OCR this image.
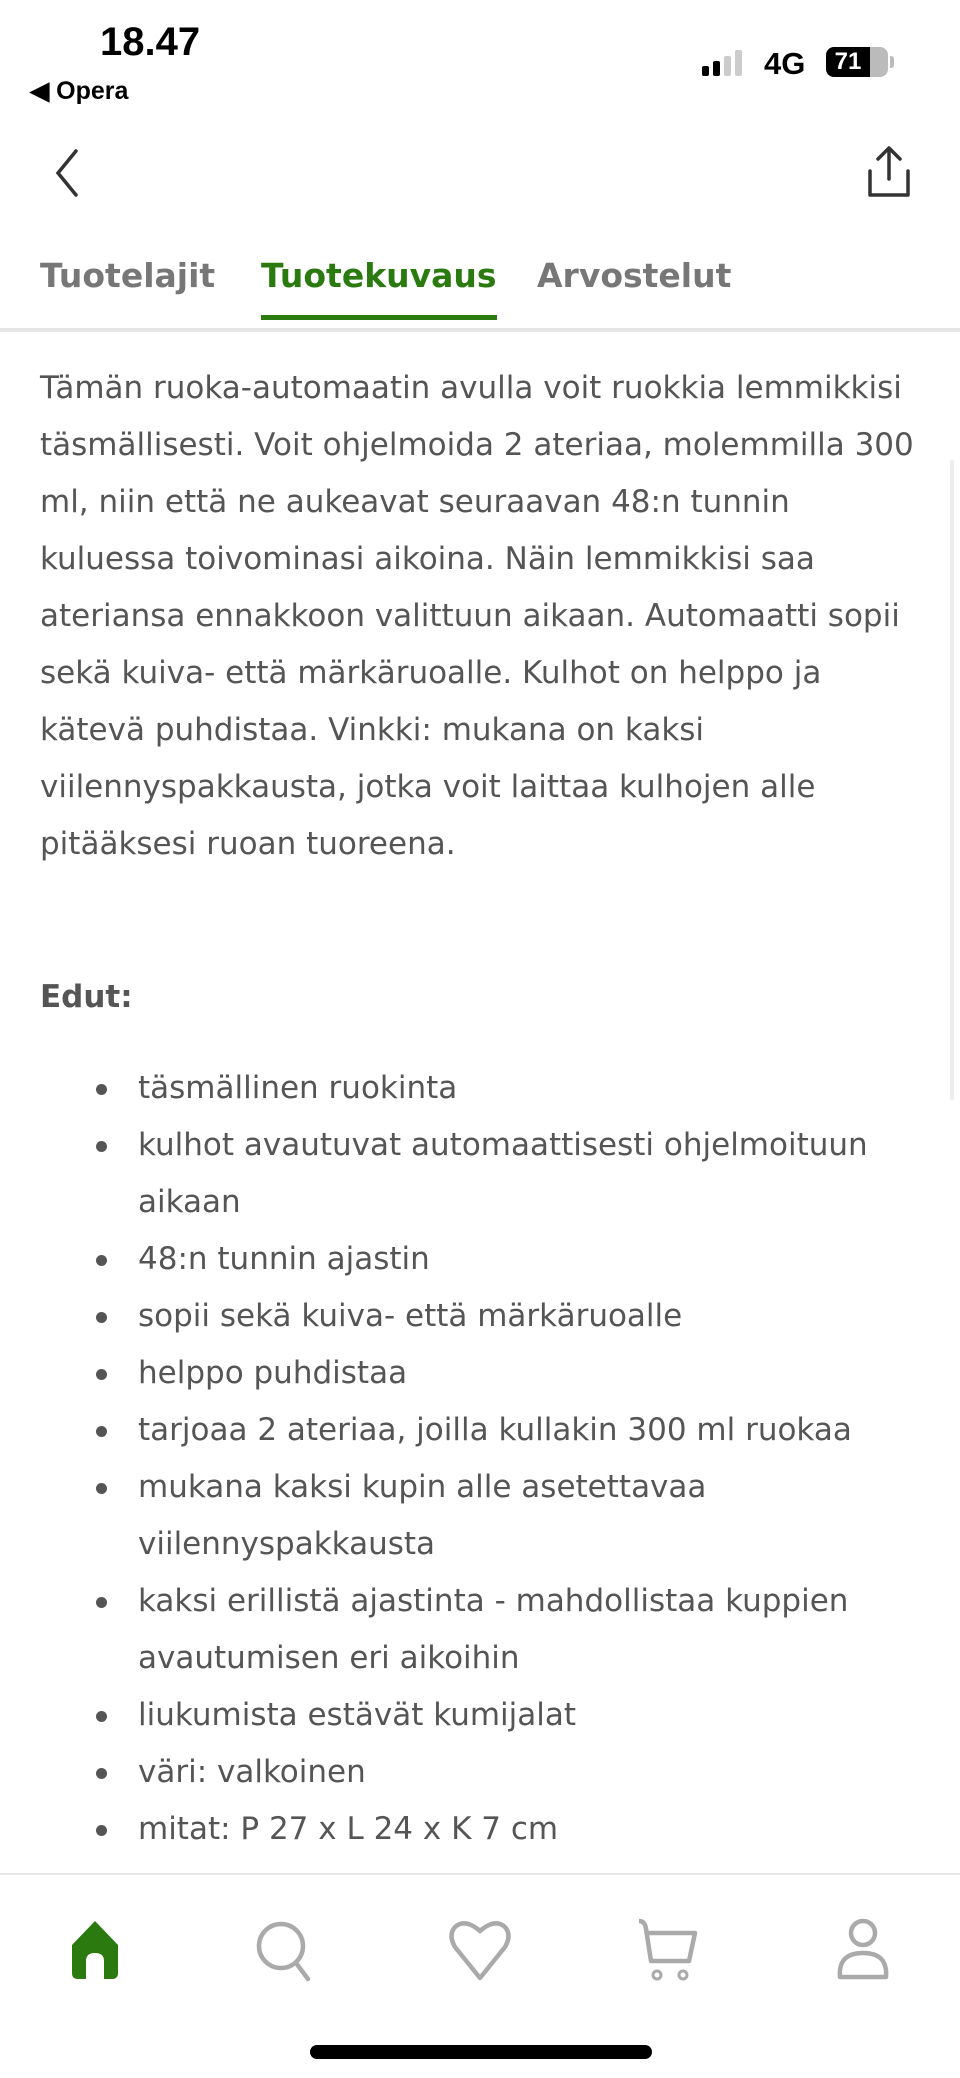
18.47
◀ Opera
4G	71
Tuotelajit Tuotekuvaus Arvostelut

Tämän ruoka-automaatin avulla voit ruokkia lemmikkisi täsmällisesti. Voit ohjelmoida 2 ateriaa, molemmilla 300 ml, niin että ne aukeavat seuraavan 48:n tunnin kuluessa toivominasi aikoina. Näin lemmikkisi saa ateriansa ennakkoon valittuun aikaan. Automaatti sopii sekä kuiva- että märkäruoalle. Kulhot on helppo ja kätevä puhdistaa. Vinkki: mukana on kaksi viilennyspakkausta, jotka voit laittaa kulhojen alle pitääksesi ruoan tuoreena.

Edut:
täsmällinen ruokinta
kulhot avautuvat automaattisesti ohjelmoituun aikaan
48:n tunnin ajastin
sopii sekä kuiva- että märkäruoalle
helppo puhdistaa
tarjoaa 2 ateriaa, joilla kullakin 300 ml ruokaa
mukana kaksi kupin alle asetettavaa viilennyspakkausta
kaksi erillistä ajastinta - mahdollistaa kuppien avautumisen eri aikoihin
liukumista estävät kumijalat
väri: valkoinen
mitat: P 27 x L 24 x K 7 cm
